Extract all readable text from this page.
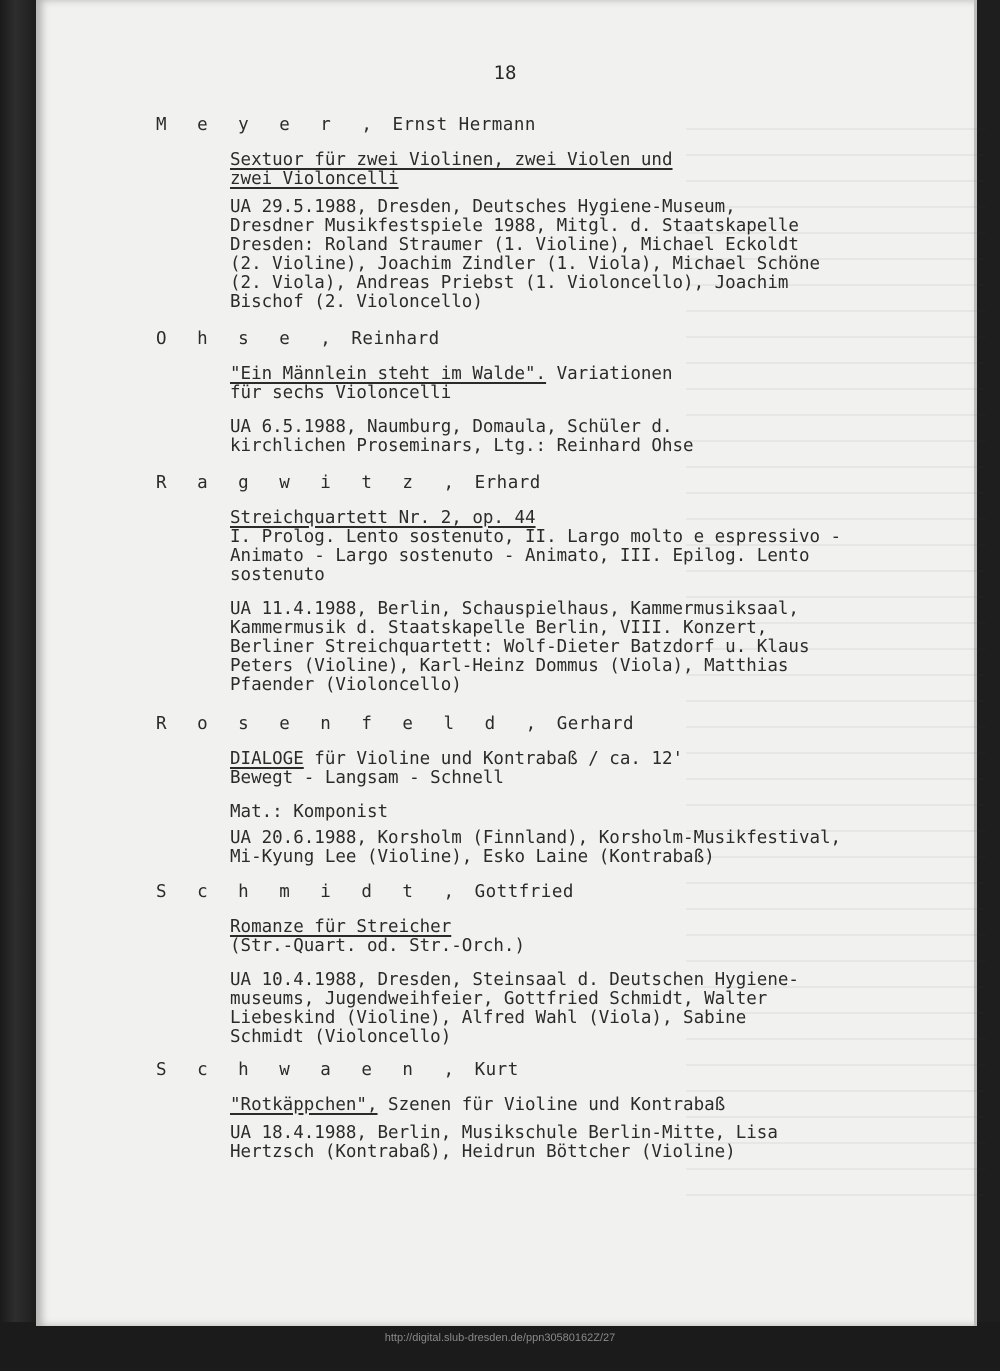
18
M e y e r , Ernst Hermann
Sextuor für zwei Violinen, zwei Violen und
zwei Violoncelli
UA 29.5.1988, Dresden, Deutsches Hygiene-Museum,
Dresdner Musikfestspiele 1988, Mitgl. d. Staatskapelle
Dresden: Roland Straumer (1. Violine), Michael Eckoldt
(2. Violine), Joachim Zindler (1. Viola), Michael Schöne
(2. Viola), Andreas Priebst (1. Violoncello), Joachim
Bischof (2. Violoncello)
O h s e , Reinhard
"Ein Männlein steht im Walde". Variationen
für sechs Violoncelli
UA 6.5.1988, Naumburg, Domaula, Schüler d.
kirchlichen Proseminars, Ltg.: Reinhard Ohse
R a g w i t z , Erhard
Streichquartett Nr. 2, op. 44
I. Prolog. Lento sostenuto, II. Largo molto e espressivo -
Animato - Largo sostenuto - Animato, III. Epilog. Lento
sostenuto
UA 11.4.1988, Berlin, Schauspielhaus, Kammermusiksaal,
Kammermusik d. Staatskapelle Berlin, VIII. Konzert,
Berliner Streichquartett: Wolf-Dieter Batzdorf u. Klaus
Peters (Violine), Karl-Heinz Dommus (Viola), Matthias
Pfaender (Violoncello)
R o s e n f e l d , Gerhard
DIALOGE für Violine und Kontrabaß / ca. 12'
Bewegt - Langsam - Schnell
Mat.: Komponist
UA 20.6.1988, Korsholm (Finnland), Korsholm-Musikfestival,
Mi-Kyung Lee (Violine), Esko Laine (Kontrabaß)
S c h m i d t , Gottfried
Romanze für Streicher
(Str.-Quart. od. Str.-Orch.)
UA 10.4.1988, Dresden, Steinsaal d. Deutschen Hygiene-
museums, Jugendweihfeier, Gottfried Schmidt, Walter
Liebeskind (Violine), Alfred Wahl (Viola), Sabine
Schmidt (Violoncello)
S c h w a e n , Kurt
"Rotkäppchen", Szenen für Violine und Kontrabaß
UA 18.4.1988, Berlin, Musikschule Berlin-Mitte, Lisa
Hertzsch (Kontrabaß), Heidrun Böttcher (Violine)
http://digital.slub-dresden.de/ppn30580162Z/27
